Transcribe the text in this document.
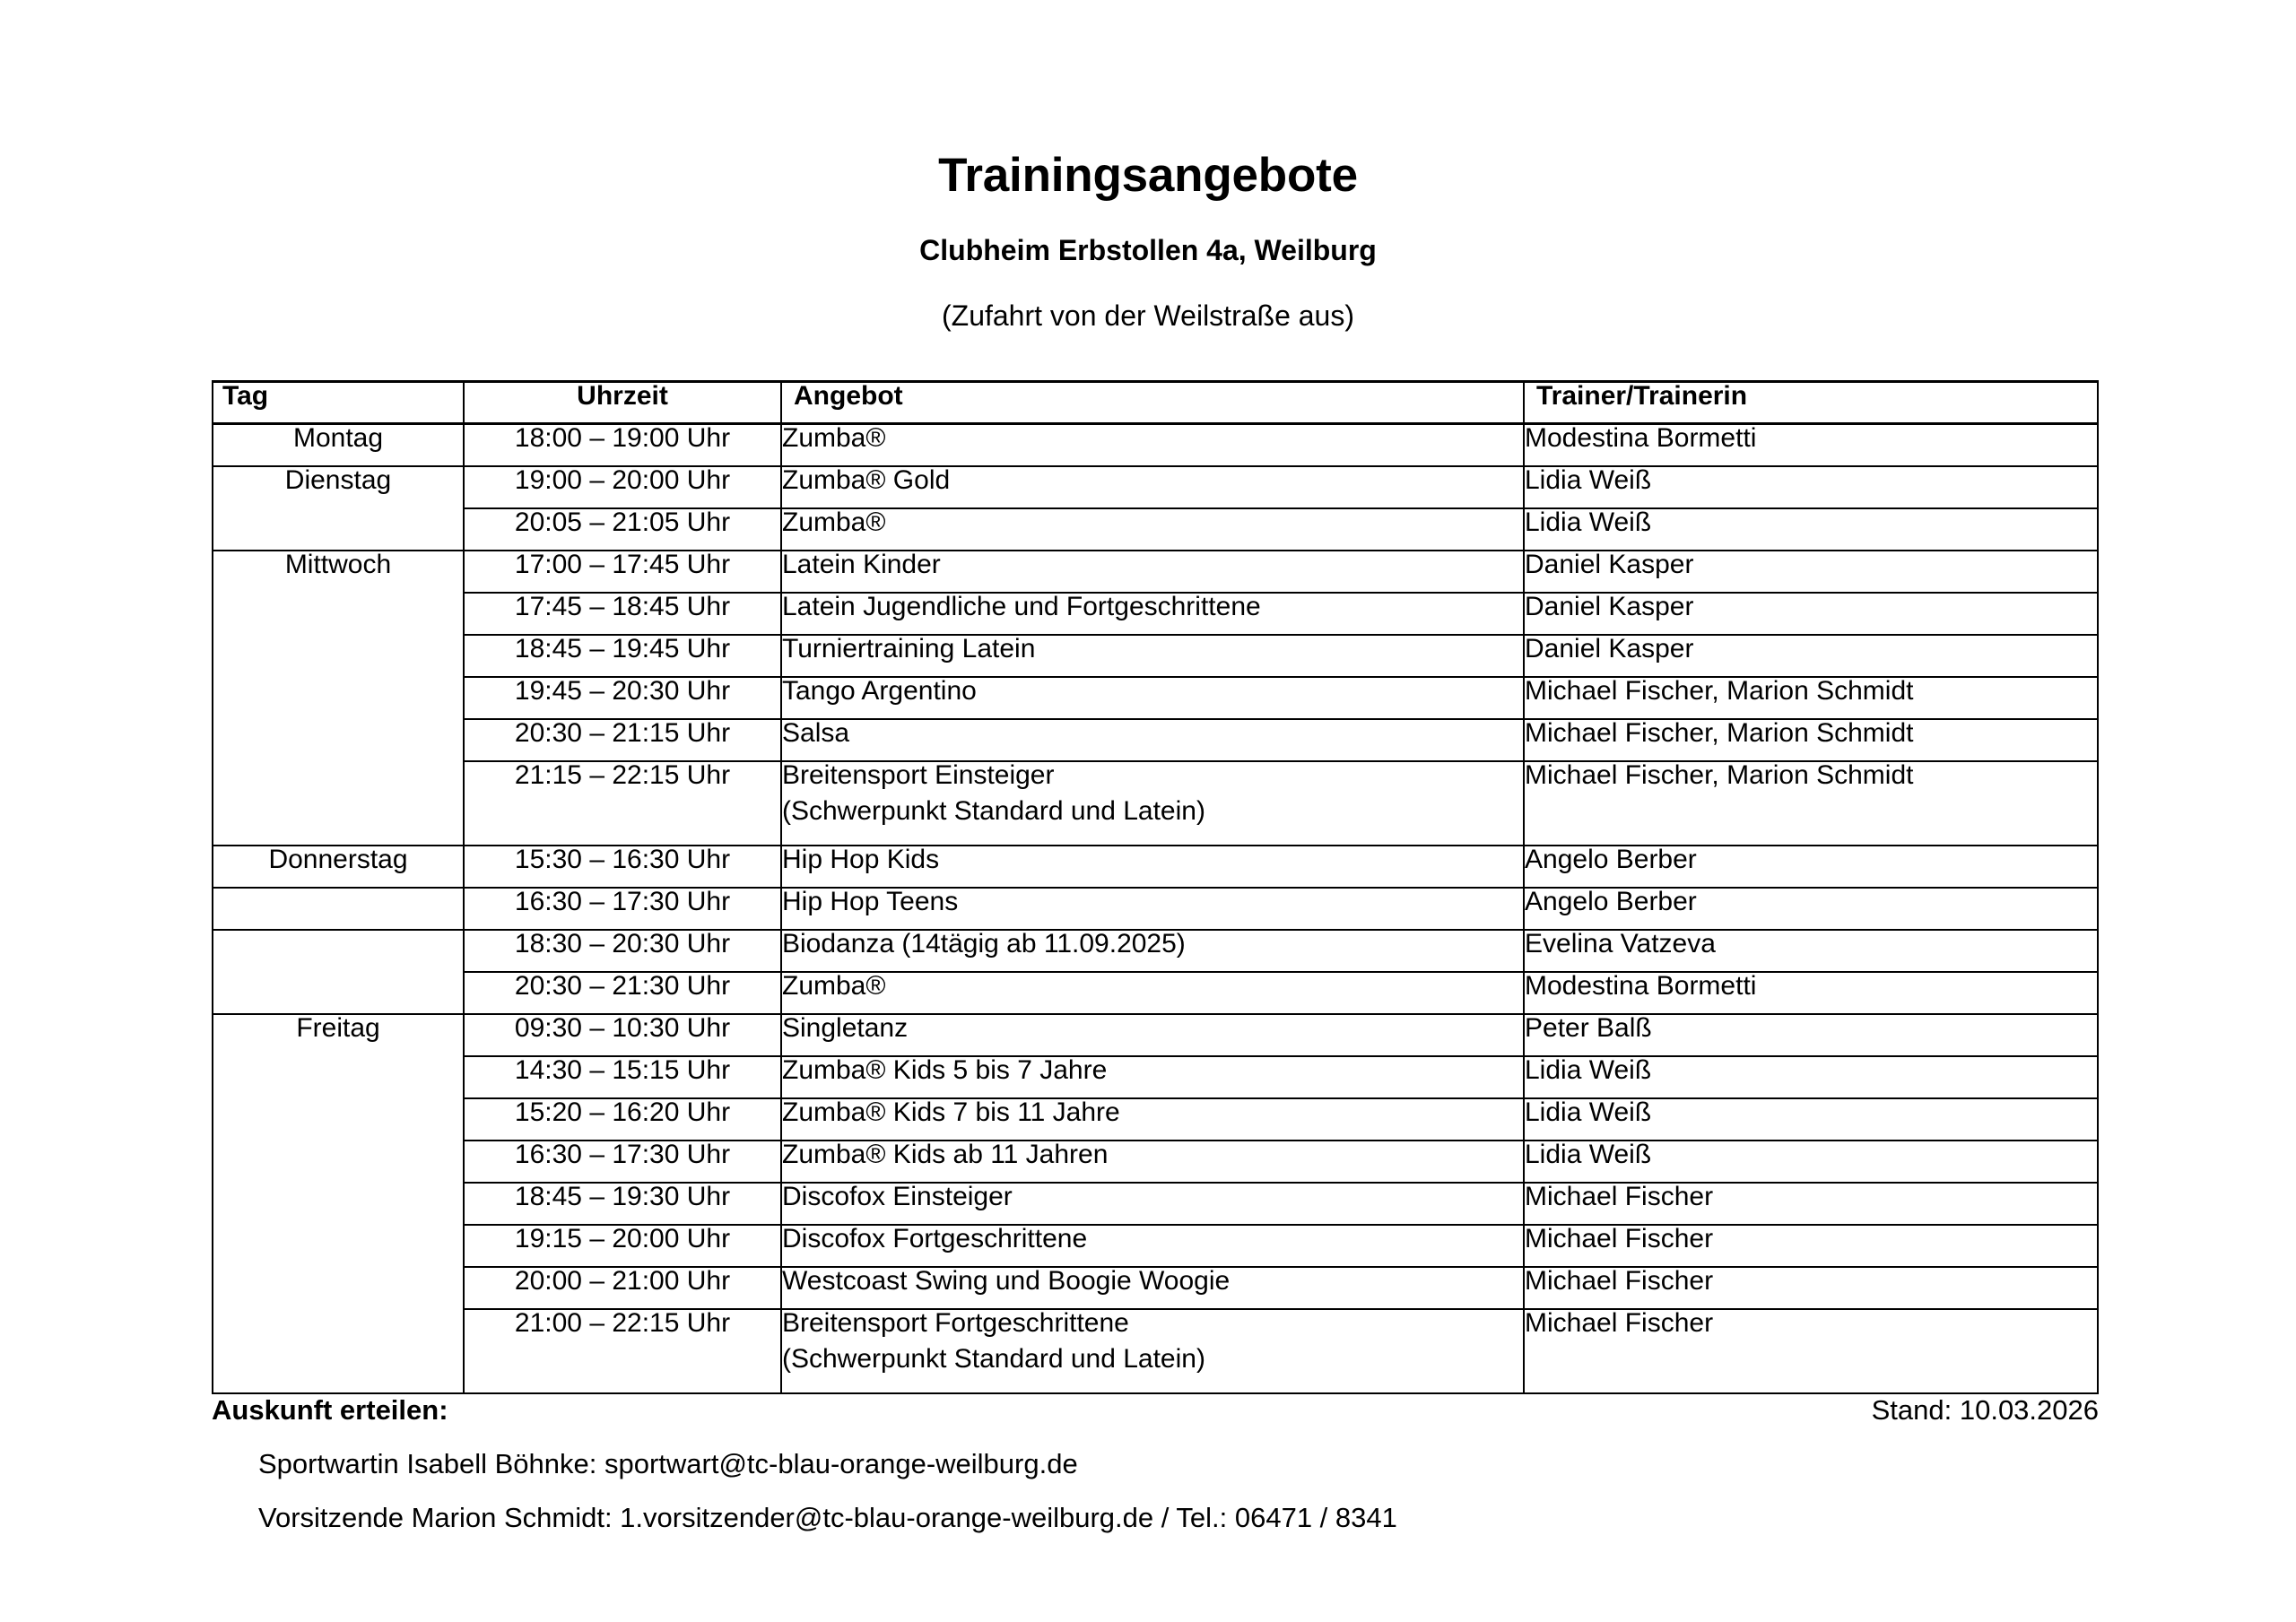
Trainingsangebote
Clubheim Erbstollen 4a, Weilburg
(Zufahrt von der Weilstraße aus)
Tag	Uhrzeit	Angebot	Trainer/Trainerin
Montag	18:00 – 19:00 Uhr	Zumba®	Modestina Bormetti
Dienstag	19:00 – 20:00 Uhr	Zumba® Gold	Lidia Weiß
	20:05 – 21:05 Uhr	Zumba®	Lidia Weiß
Mittwoch	17:00 – 17:45 Uhr	Latein Kinder	Daniel Kasper
	17:45 – 18:45 Uhr	Latein Jugendliche und Fortgeschrittene	Daniel Kasper
	18:45 – 19:45 Uhr	Turniertraining Latein	Daniel Kasper
	19:45 – 20:30 Uhr	Tango Argentino	Michael Fischer, Marion Schmidt
	20:30 – 21:15 Uhr	Salsa	Michael Fischer, Marion Schmidt
	21:15 – 22:15 Uhr	Breitensport Einsteiger
(Schwerpunkt Standard und Latein)	Michael Fischer, Marion Schmidt
Donnerstag	15:30 – 16:30 Uhr	Hip Hop Kids	Angelo Berber
	16:30 – 17:30 Uhr	Hip Hop Teens	Angelo Berber
	18:30 – 20:30 Uhr	Biodanza (14tägig ab 11.09.2025)	Evelina Vatzeva
	20:30 – 21:30 Uhr	Zumba®	Modestina Bormetti
Freitag	09:30 – 10:30 Uhr	Singletanz	Peter Balß
	14:30 – 15:15 Uhr	Zumba® Kids 5 bis 7 Jahre	Lidia Weiß
	15:20 – 16:20 Uhr	Zumba® Kids 7 bis 11 Jahre	Lidia Weiß
	16:30 – 17:30 Uhr	Zumba® Kids ab 11 Jahren	Lidia Weiß
	18:45 – 19:30 Uhr	Discofox Einsteiger	Michael Fischer
	19:15 – 20:00 Uhr	Discofox Fortgeschrittene	Michael Fischer
	20:00 – 21:00 Uhr	Westcoast Swing und Boogie Woogie	Michael Fischer
	21:00 – 22:15 Uhr	Breitensport Fortgeschrittene
(Schwerpunkt Standard und Latein)	Michael Fischer
Auskunft erteilen:	Stand: 10.03.2026
Sportwartin Isabell Böhnke: sportwart@tc-blau-orange-weilburg.de
Vorsitzende Marion Schmidt: 1.vorsitzender@tc-blau-orange-weilburg.de / Tel.: 06471 / 8341
